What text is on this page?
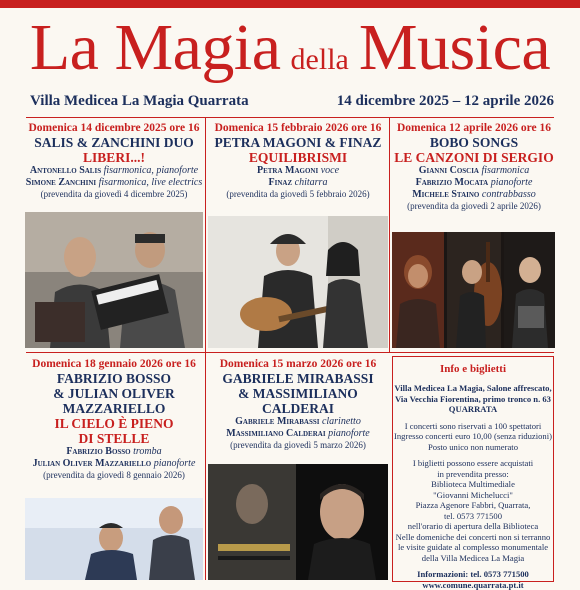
La Magia della Musica
Villa Medicea La Magia Quarrata	14 dicembre 2025 – 12 aprile 2026
Domenica 14 dicembre 2025 ore 16
SALIS & ZANCHINI DUO
LIBERI...!
Antonello Salis fisarmonica, pianoforte
Simone Zanchini fisarmonica, live electrics
(prevendita da giovedì 4 dicembre 2025)
Domenica 15 febbraio 2026 ore 16
PETRA MAGONI & FINAZ
EQUILIBRISMI
Petra Magoni voce
Finaz chitarra
(prevendita da giovedì 5 febbraio 2026)
Domenica 12 aprile 2026 ore 16
BOBO SONGS
LE CANZONI DI SERGIO
Gianni Coscia fisarmonica
Fabrizio Mocata pianoforte
Michele Staino contrabbasso
(prevendita da giovedì 2 aprile 2026)
Domenica 18 gennaio 2026 ore 16
FABRIZIO BOSSO
& JULIAN OLIVER
MAZZARIELLO
IL CIELO È PIENO
DI STELLE
Fabrizio Bosso tromba
Julian Oliver Mazzariello pianoforte
(prevendita da giovedì 8 gennaio 2026)
Domenica 15 marzo 2026 ore 16
GABRIELE MIRABASSI
& MASSIMILIANO
CALDERAI
Gabriele Mirabassi clarinetto
Massimiliano Calderai pianoforte
(prevendita da giovedì 5 marzo 2026)
Info e biglietti
Villa Medicea La Magia, Salone affrescato,
Via Vecchia Fiorentina, primo tronco n. 63
QUARRATA
I concerti sono riservati a 100 spettatori
Ingresso concerti euro 10,00 (senza riduzioni)
Posto unico non numerato
I biglietti possono essere acquistati
in prevendita presso:
Biblioteca Multimediale
"Giovanni Michelucci"
Piazza Agenore Fabbri, Quarrata,
tel. 0573 771500
nell'orario di apertura della Biblioteca
Nelle domeniche dei concerti non si terranno
le visite guidate al complesso monumentale
della Villa Medicea La Magia
Informazioni: tel. 0573 771500
www.comune.quarrata.pt.it
